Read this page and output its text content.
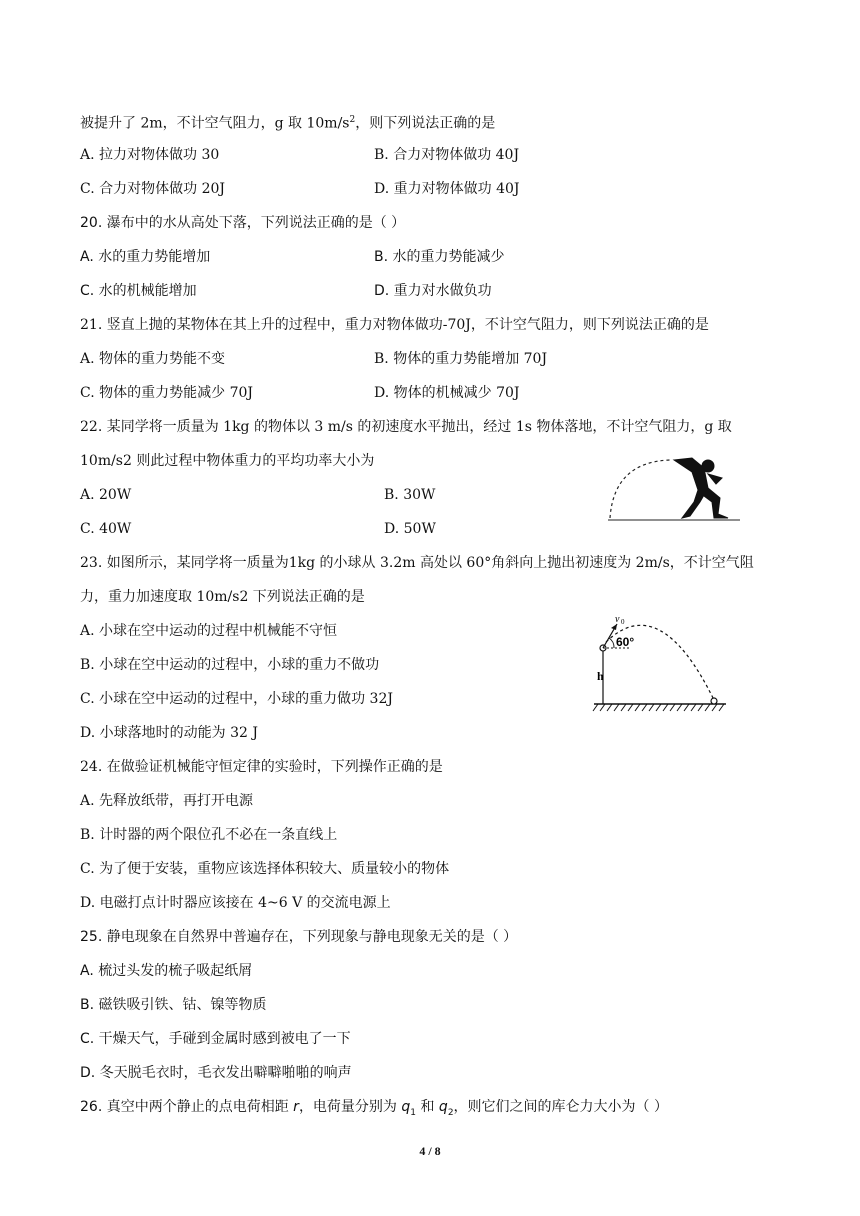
被提升了 2m，不计空气阻力，g 取 $10m/s^2$，则下列说法正确的是
A. 拉力对物体做功 30	B. 合力对物体做功 40J
C. 合力对物体做功 20J	D. 重力对物体做功 40J
20. 瀑布中的水从高处下落，下列说法正确的是（ ）
A. 水的重力势能增加	B. 水的重力势能减少
C. 水的机械能增加	D. 重力对水做负功
21. 竖直上抛的某物体在其上升的过程中，重力对物体做功-70J，不计空气阻力，则下列说法正确的是
A. 物体的重力势能不变	B. 物体的重力势能增加 70J
C. 物体的重力势能减少 70J	D. 物体的机械减少 70J
22. 某同学将一质量为 1kg 的物体以 3 m/s 的初速度水平抛出，经过 1s 物体落地，不计空气阻力，g 取
10m/s2 则此过程中物体重力的平均功率大小为
A. 20W	B. 30W
C. 40W	D. 50W
23. 如图所示，某同学将一质量为1kg 的小球从 3.2m 高处以 60°角斜向上抛出初速度为 2m/s，不计空气阻
力，重力加速度取 10m/s2 下列说法正确的是
A. 小球在空中运动的过程中机械能不守恒
B. 小球在空中运动的过程中，小球的重力不做功
C. 小球在空中运动的过程中，小球的重力做功 32J
D. 小球落地时的动能为 32 J
60°
h
v 0
24. 在做验证机械能守恒定律的实验时，下列操作正确的是
A. 先释放纸带，再打开电源
B. 计时器的两个限位孔不必在一条直线上
C. 为了便于安装，重物应该选择体积较大、质量较小的物体
D. 电磁打点计时器应该接在 4~6 V 的交流电源上
25. 静电现象在自然界中普遍存在，下列现象与静电现象无关的是（ ）
A. 梳过头发的梳子吸起纸屑
B. 磁铁吸引铁、钴、镍等物质
C. 干燥天气，手碰到金属时感到被电了一下
D. 冬天脱毛衣时，毛衣发出噼噼啪啪的响声
26. 真空中两个静止的点电荷相距 r，电荷量分别为 $q_1$ 和 $q_2$，则它们之间的库仑力大小为（ ）
4 / 8
